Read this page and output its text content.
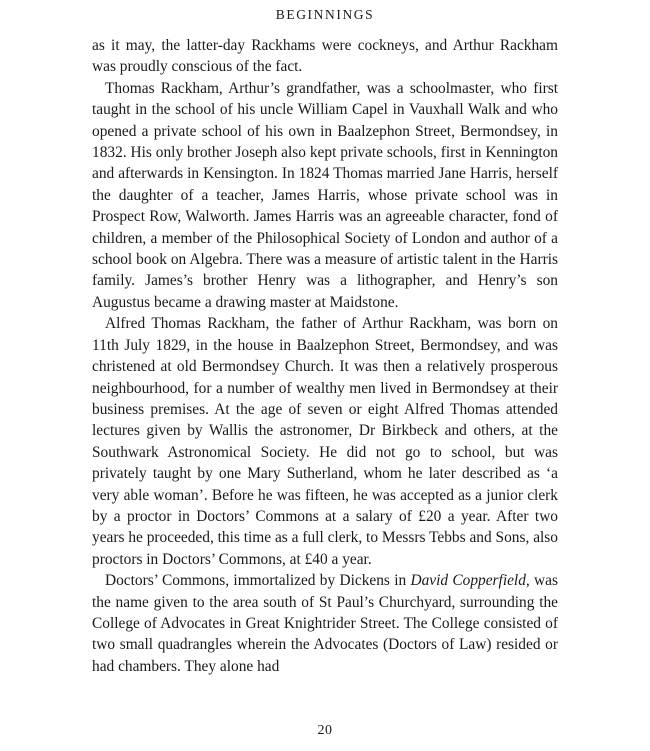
BEGINNINGS

as it may, the latter-day Rackhams were cockneys, and Arthur Rackham was proudly conscious of the fact.

Thomas Rackham, Arthur’s grandfather, was a schoolmaster, who first taught in the school of his uncle William Capel in Vauxhall Walk and who opened a private school of his own in Baalzephon Street, Bermondsey, in 1832. His only brother Joseph also kept private schools, first in Kennington and afterwards in Kensington. In 1824 Thomas married Jane Harris, herself the daughter of a teacher, James Harris, whose private school was in Prospect Row, Walworth. James Harris was an agreeable character, fond of children, a member of the Philosophical Society of London and author of a school book on Algebra. There was a measure of artistic talent in the Harris family. James’s brother Henry was a lithographer, and Henry’s son Augustus became a drawing master at Maidstone.

Alfred Thomas Rackham, the father of Arthur Rackham, was born on 11th July 1829, in the house in Baalzephon Street, Bermondsey, and was christened at old Bermondsey Church. It was then a relatively prosperous neighbourhood, for a number of wealthy men lived in Bermondsey at their business premises. At the age of seven or eight Alfred Thomas attended lectures given by Wallis the astronomer, Dr Birkbeck and others, at the Southwark Astronomical Society. He did not go to school, but was privately taught by one Mary Sutherland, whom he later described as ‘a very able woman’. Before he was fifteen, he was accepted as a junior clerk by a proctor in Doctors’ Commons at a salary of £20 a year. After two years he proceeded, this time as a full clerk, to Messrs Tebbs and Sons, also proctors in Doctors’ Commons, at £40 a year.

Doctors’ Commons, immortalized by Dickens in David Copperfield, was the name given to the area south of St Paul’s Churchyard, surrounding the College of Advocates in Great Knightrider Street. The College consisted of two small quadrangles wherein the Advocates (Doctors of Law) resided or had chambers. They alone had

20
